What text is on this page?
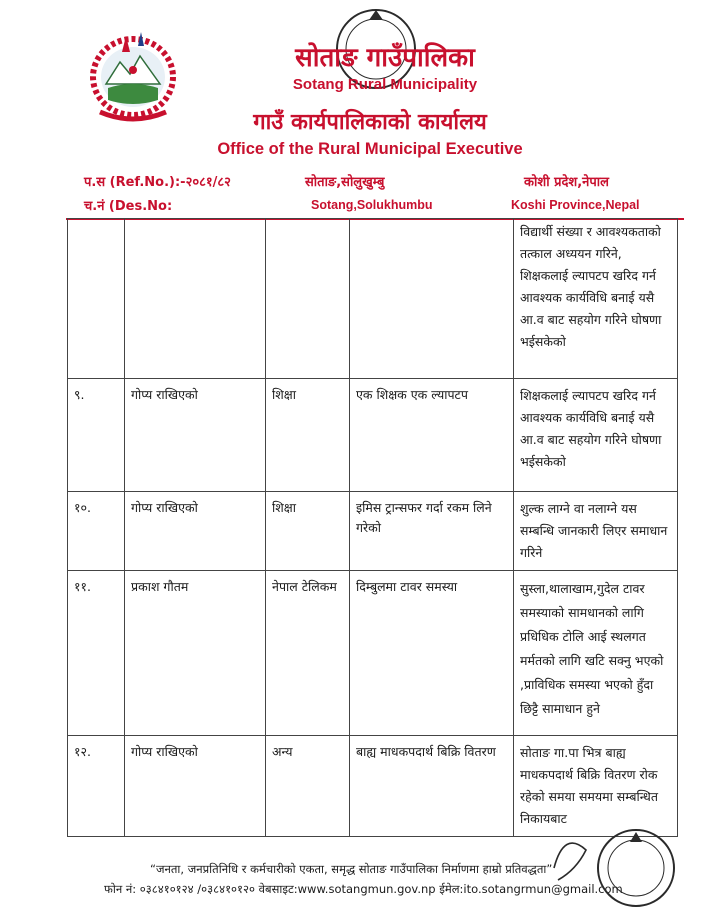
सोताङ गाउँपालिका
Sotang Rural Municipality
गाउँ कार्यपालिकाको कार्यालय
Office of the Rural Municipal Executive
प.स (Ref.No.):-२०८१/८२
च.नं (Des.No:
सोताङ,सोलुखुम्बु
Sotang,Solukhumbu
कोशी प्रदेश,नेपाल
Koshi Province,Nepal
				विद्यार्थी संख्या र आवश्यकताको तत्काल अध्ययन गरिने, शिक्षकलाई ल्यापटप खरिद गर्न आवश्यक कार्यविधि बनाई यसै आ.व बाट सहयोग गरिने घोषणा भईसकेको
९.	गोप्य राखिएको	शिक्षा	एक शिक्षक एक ल्यापटप	शिक्षकलाई ल्यापटप खरिद गर्न आवश्यक कार्यविधि बनाई यसै आ.व बाट सहयोग गरिने घोषणा भईसकेको
१०.	गोप्य राखिएको	शिक्षा	इमिस ट्रान्सफर गर्दा रकम लिने गरेको	शुल्क लाग्ने वा नलाग्ने यस सम्बन्धि जानकारी लिएर समाधान गरिने
११.	प्रकाश गौतम	नेपाल टेलिकम	दिम्बुलमा टावर समस्या	सुस्ला,थालाखाम,गुदेल टावर समस्याको सामधानको लागि प्रधिधिक टोलि आई स्थलगत मर्मतको लागि खटि सक्नु भएको ,प्राविधिक समस्या भएको हुँदा छिट्टै सामाधान हुने
१२.	गोप्य राखिएको	अन्य	बाह्य माधकपदार्थ बिक्रि वितरण	सोताङ गा.पा भित्र बाह्य माधकपदार्थ बिक्रि वितरण रोक रहेको समया समयमा सम्बन्धित निकायबाट
“जनता, जनप्रतिनिधि र कर्मचारीको एकता, समृद्ध सोताङ गाउँपालिका निर्माणमा हाम्रो प्रतिवद्धता”
फोन नं: ०३८४१०१२४ /०३८४१०१२० वेबसाइट:www.sotangmun.gov.np ईमेल:ito.sotangrmun@gmail.com
